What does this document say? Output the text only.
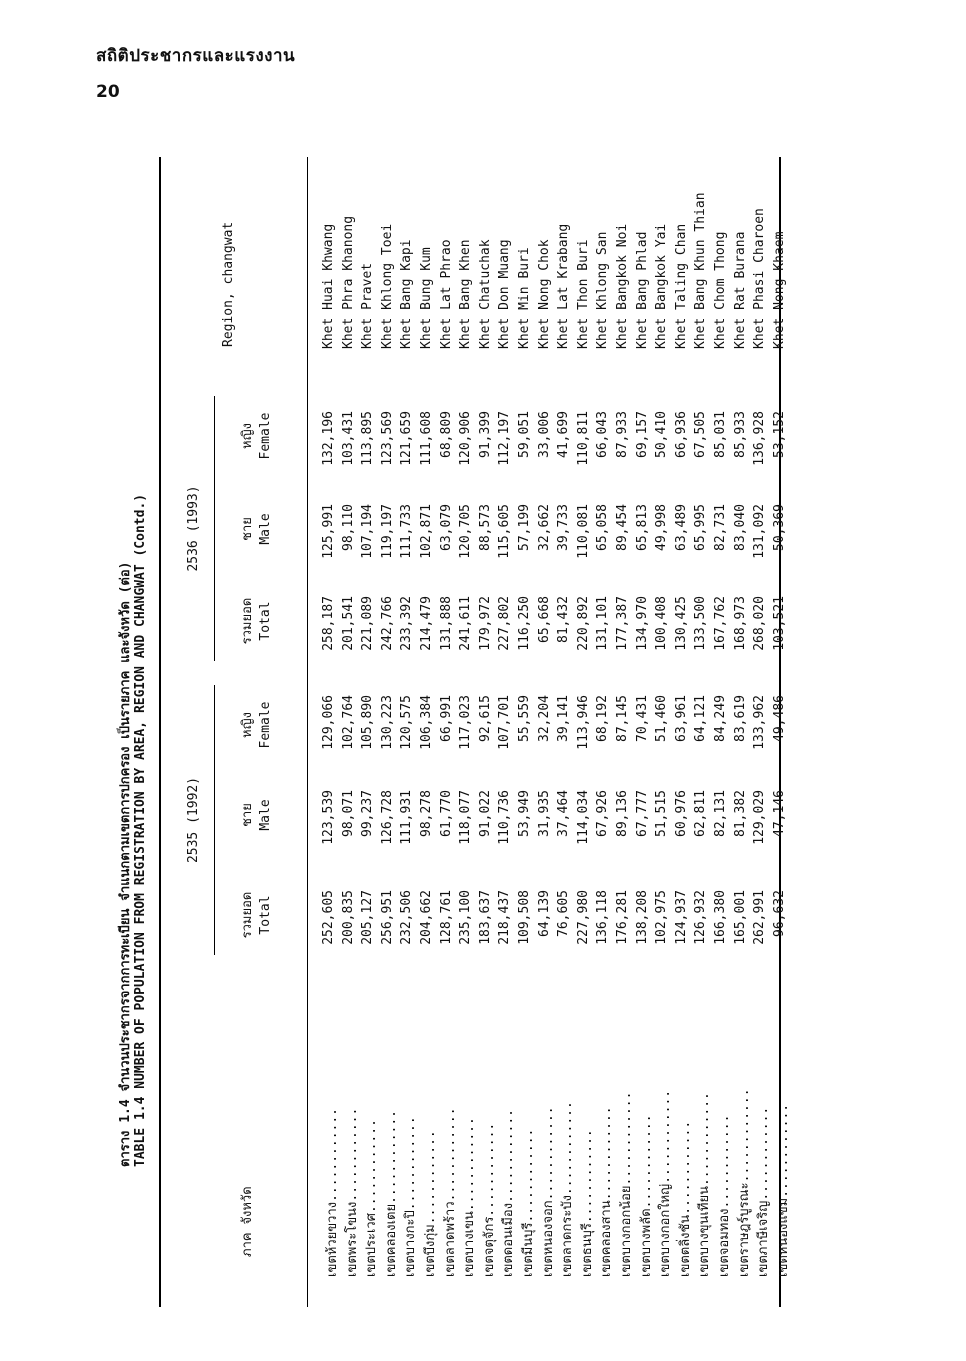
สถิติประชากรและแรงงาน
20
ตาราง 1.4 จำนวนประชากรจากการทะเบียน จำแนกตามเขตการปกครอง เป็นรายภาค และจังหวัด (ต่อ) TABLE 1.4 NUMBER OF POPULATION FROM REGISTRATION BY AREA, REGION AND CHANGWAT (Contd.)
ภาค จังหวัด
Region, changwat
2535 (1992)
2536 (1993)
รวมยอด Total
ชาย Male
หญิง Female
รวมยอด Total
ชาย Male
หญิง Female
เขตห้วยขวาง............
252,605
123,539
129,066
258,187
125,991
132,196
Khet Huai Khwang
เขตพระโขนง............
200,835
98,071
102,764
201,541
98,110
103,431
Khet Phra Khanong
เขตประเวศ............
205,127
99,237
105,890
221,089
107,194
113,895
Khet Pravet
เขตคลองเตย............
256,951
126,728
130,223
242,766
119,197
123,569
Khet Khlong Toei
เขตบางกะปิ............
232,506
111,931
120,575
233,392
111,733
121,659
Khet Bang Kapi
เขตบึงกุ่ม............
204,662
98,278
106,384
214,479
102,871
111,608
Khet Bung Kum
เขตลาดพร้าว............
128,761
61,770
66,991
131,888
63,079
68,809
Khet Lat Phrao
เขตบางเขน............
235,100
118,077
117,023
241,611
120,705
120,906
Khet Bang Khen
เขตจตุจักร............
183,637
91,022
92,615
179,972
88,573
91,399
Khet Chatuchak
เขตดอนเมือง............
218,437
110,736
107,701
227,802
115,605
112,197
Khet Don Muang
เขตมีนบุรี............
109,508
53,949
55,559
116,250
57,199
59,051
Khet Min Buri
เขตหนองจอก............
64,139
31,935
32,204
65,668
32,662
33,006
Khet Nong Chok
เขตลาดกระบัง............
76,605
37,464
39,141
81,432
39,733
41,699
Khet Lat Krabang
เขตธนบุรี............
227,980
114,034
113,946
220,892
110,081
110,811
Khet Thon Buri
เขตคลองสาน............
136,118
67,926
68,192
131,101
65,058
66,043
Khet Khlong San
เขตบางกอกน้อย............
176,281
89,136
87,145
177,387
89,454
87,933
Khet Bangkok Noi
เขตบางพลัด............
138,208
67,777
70,431
134,970
65,813
69,157
Khet Bang Phlad
เขตบางกอกใหญ่............
102,975
51,515
51,460
100,408
49,998
50,410
Khet Bangkok Yai
เขตตลิ่งชัน............
124,937
60,976
63,961
130,425
63,489
66,936
Khet Taling Chan
เขตบางขุนเทียน............
126,932
62,811
64,121
133,500
65,995
67,505
Khet Bang Khun Thian
เขตจอมทอง............
166,380
82,131
84,249
167,762
82,731
85,031
Khet Chom Thong
เขตราษฎร์บูรณะ............
165,001
81,382
83,619
168,973
83,040
85,933
Khet Rat Burana
เขตภาษีเจริญ............
262,991
129,029
133,962
268,020
131,092
136,928
Khet Phasi Charoen
เขตหนองแขม............
96,632
47,146
49,486
103,521
50,369
53,152
Khet Nong Khaem
